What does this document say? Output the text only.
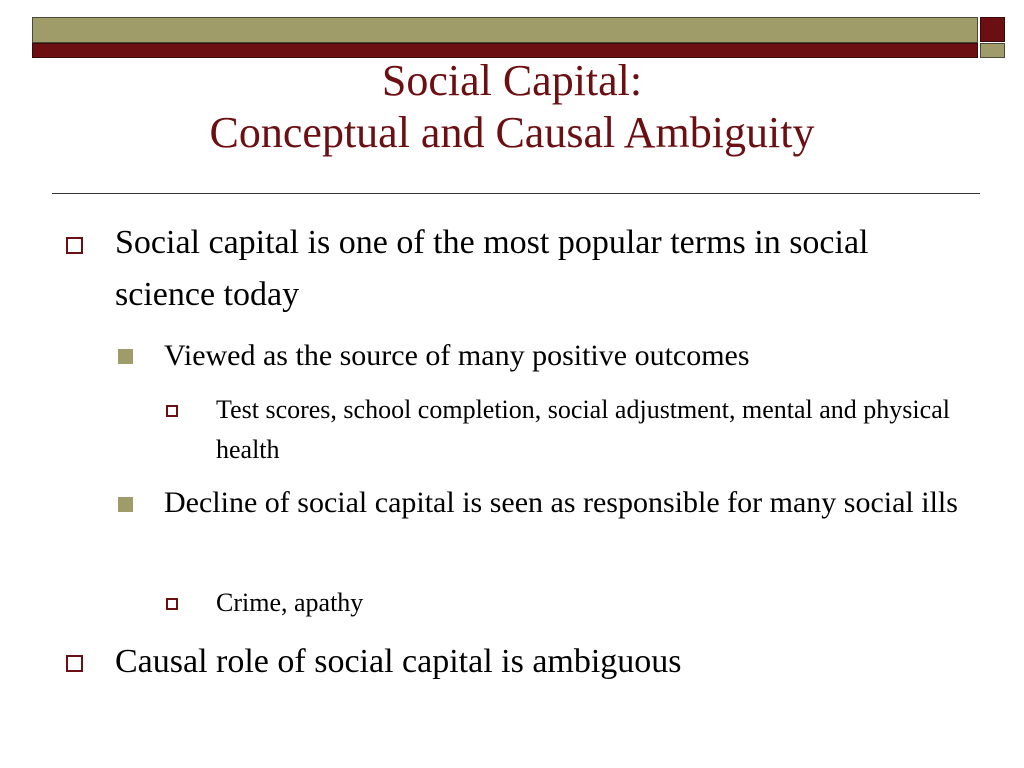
Social Capital:
Conceptual and Causal Ambiguity
Social capital is one of the most popular terms in social science today
Viewed as the source of many positive outcomes
Test scores, school completion, social adjustment, mental and physical health
Decline of social capital is seen as responsible for many social ills
Crime, apathy
Causal role of social capital is ambiguous
